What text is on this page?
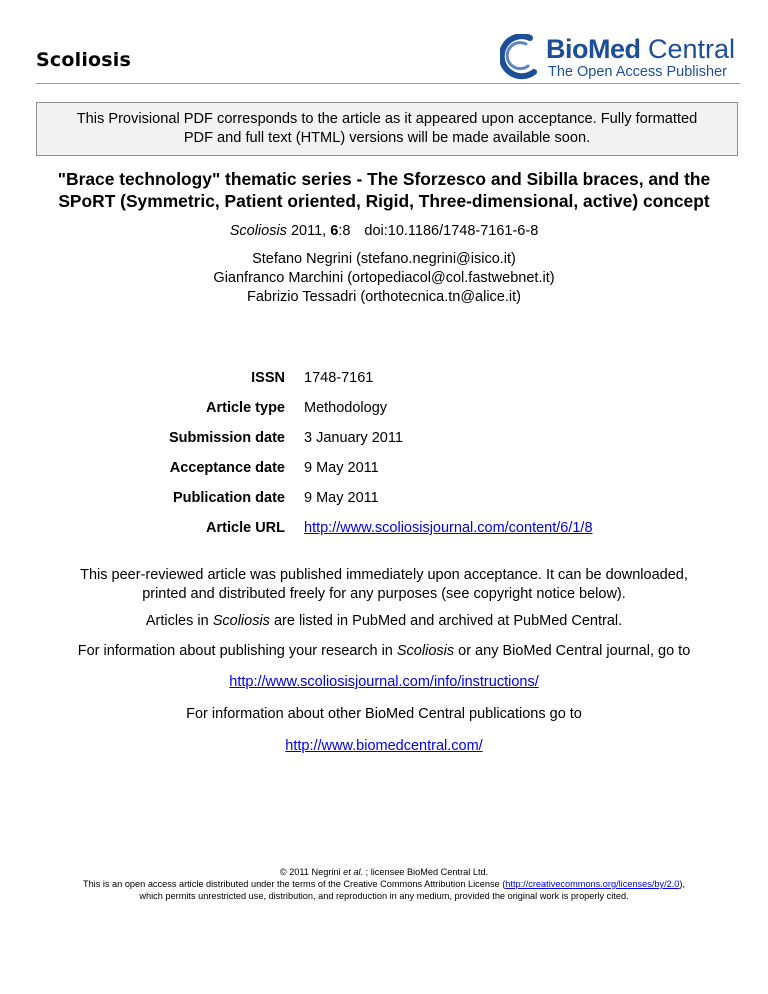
Scoliosis	BioMed Central
The Open Access Publisher
This Provisional PDF corresponds to the article as it appeared upon acceptance. Fully formatted
PDF and full text (HTML) versions will be made available soon.
"Brace technology" thematic series - The Sforzesco and Sibilla braces, and the
SPoRT (Symmetric, Patient oriented, Rigid, Three-dimensional, active) concept
Scoliosis 2011, 6:8 doi:10.1186/1748-7161-6-8
Stefano Negrini (stefano.negrini@isico.it)
Gianfranco Marchini (ortopediacol@col.fastwebnet.it)
Fabrizio Tessadri (orthotecnica.tn@alice.it)
ISSN 1748-7161
Article type Methodology
Submission date 3 January 2011
Acceptance date 9 May 2011
Publication date 9 May 2011
Article URL http://www.scoliosisjournal.com/content/6/1/8
This peer-reviewed article was published immediately upon acceptance. It can be downloaded,
printed and distributed freely for any purposes (see copyright notice below).
Articles in Scoliosis are listed in PubMed and archived at PubMed Central.
For information about publishing your research in Scoliosis or any BioMed Central journal, go to
http://www.scoliosisjournal.com/info/instructions/
For information about other BioMed Central publications go to
http://www.biomedcentral.com/
© 2011 Negrini et al. ; licensee BioMed Central Ltd.
This is an open access article distributed under the terms of the Creative Commons Attribution License (http://creativecommons.org/licenses/by/2.0),
which permits unrestricted use, distribution, and reproduction in any medium, provided the original work is properly cited.
